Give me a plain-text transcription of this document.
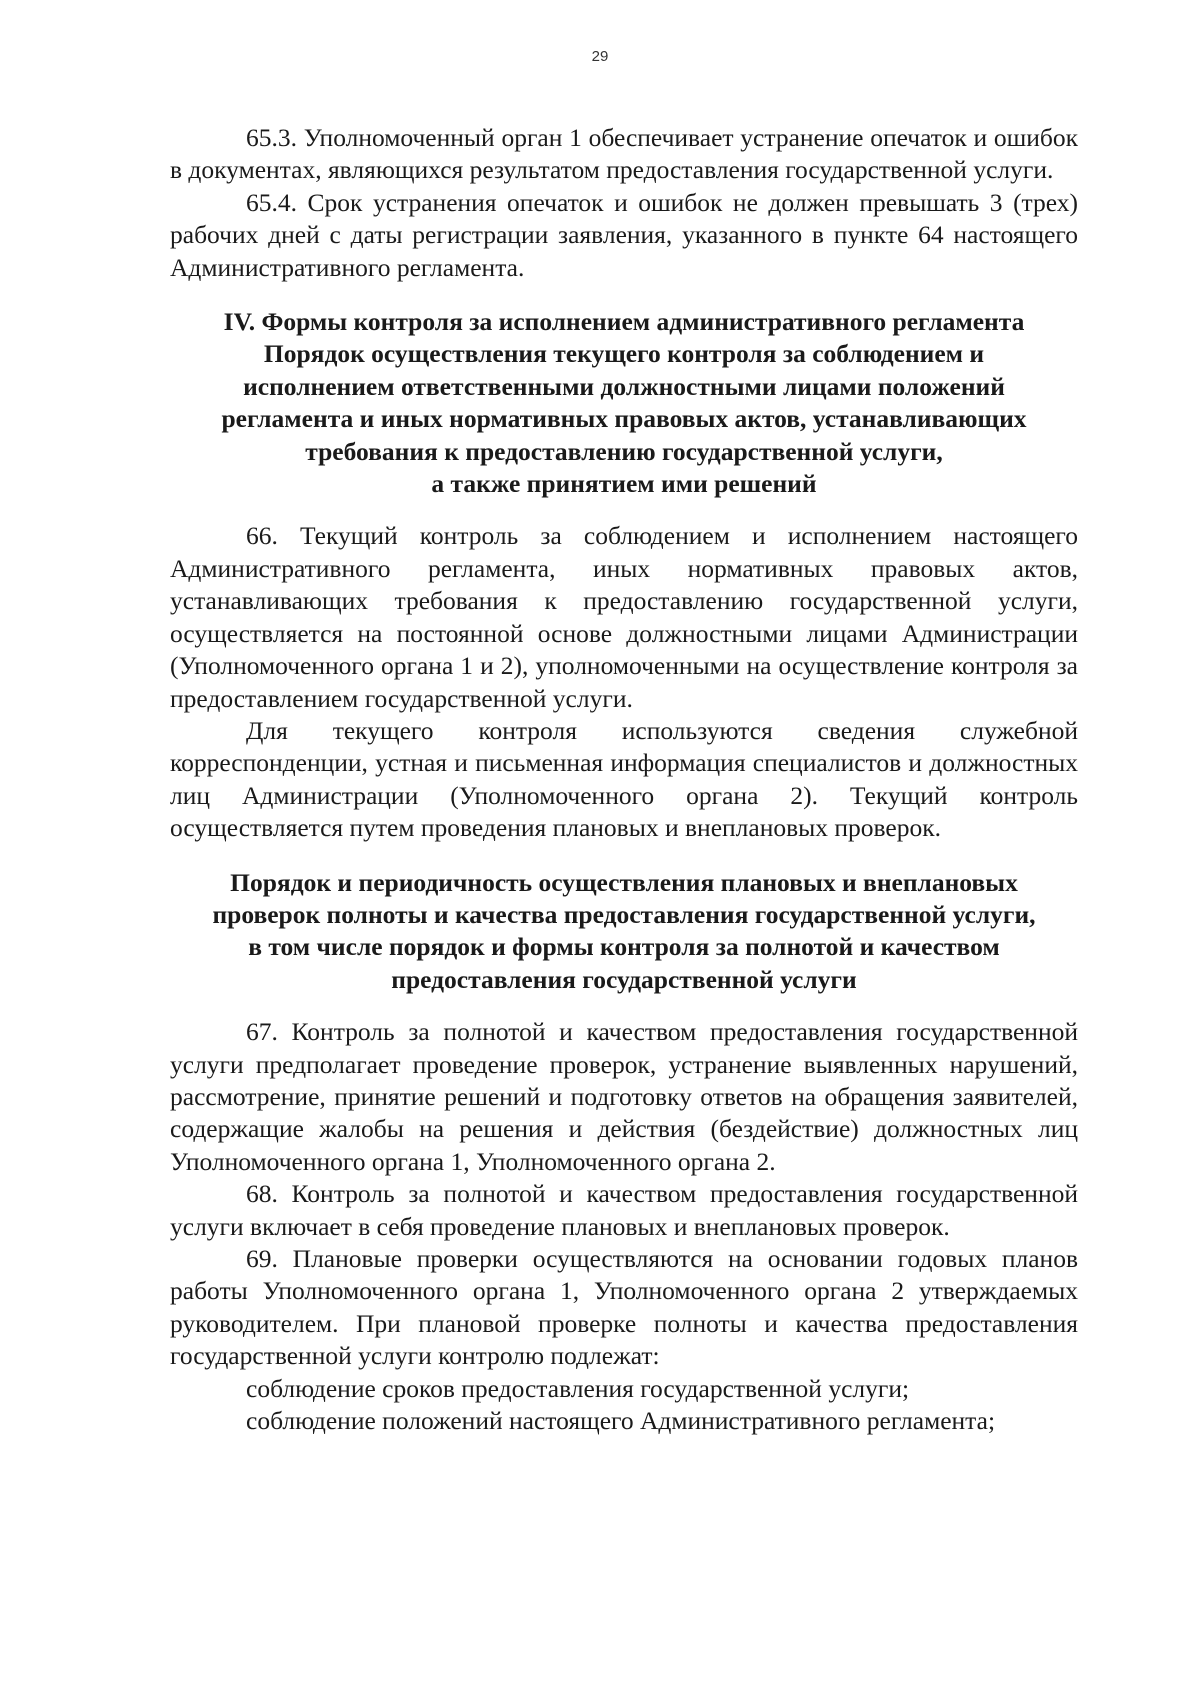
29

65.3. Уполномоченный орган 1 обеспечивает устранение опечаток и ошибок в документах, являющихся результатом предоставления государственной услуги.

65.4. Срок устранения опечаток и ошибок не должен превышать 3 (трех) рабочих дней с даты регистрации заявления, указанного в пункте 64 настоящего Административного регламента.

IV. Формы контроля за исполнением административного регламента
Порядок осуществления текущего контроля за соблюдением и
исполнением ответственными должностными лицами положений
регламента и иных нормативных правовых актов, устанавливающих
требования к предоставлению государственной услуги,
а также принятием ими решений

66. Текущий контроль за соблюдением и исполнением настоящего Административного регламента, иных нормативных правовых актов, устанавливающих требования к предоставлению государственной услуги, осуществляется на постоянной основе должностными лицами Администрации (Уполномоченного органа 1 и 2), уполномоченными на осуществление контроля за предоставлением государственной услуги.

Для текущего контроля используются сведения служебной корреспонденции, устная и письменная информация специалистов и должностных лиц Администрации (Уполномоченного органа 2). Текущий контроль осуществляется путем проведения плановых и внеплановых проверок.

Порядок и периодичность осуществления плановых и внеплановых
проверок полноты и качества предоставления государственной услуги,
в том числе порядок и формы контроля за полнотой и качеством
предоставления государственной услуги

67. Контроль за полнотой и качеством предоставления государственной услуги предполагает проведение проверок, устранение выявленных нарушений, рассмотрение, принятие решений и подготовку ответов на обращения заявителей, содержащие жалобы на решения и действия (бездействие) должностных лиц Уполномоченного органа 1, Уполномоченного органа 2.

68. Контроль за полнотой и качеством предоставления государственной услуги включает в себя проведение плановых и внеплановых проверок.

69. Плановые проверки осуществляются на основании годовых планов работы Уполномоченного органа 1, Уполномоченного органа 2 утверждаемых руководителем. При плановой проверке полноты и качества предоставления государственной услуги контролю подлежат:

соблюдение сроков предоставления государственной услуги;

соблюдение положений настоящего Административного регламента;
